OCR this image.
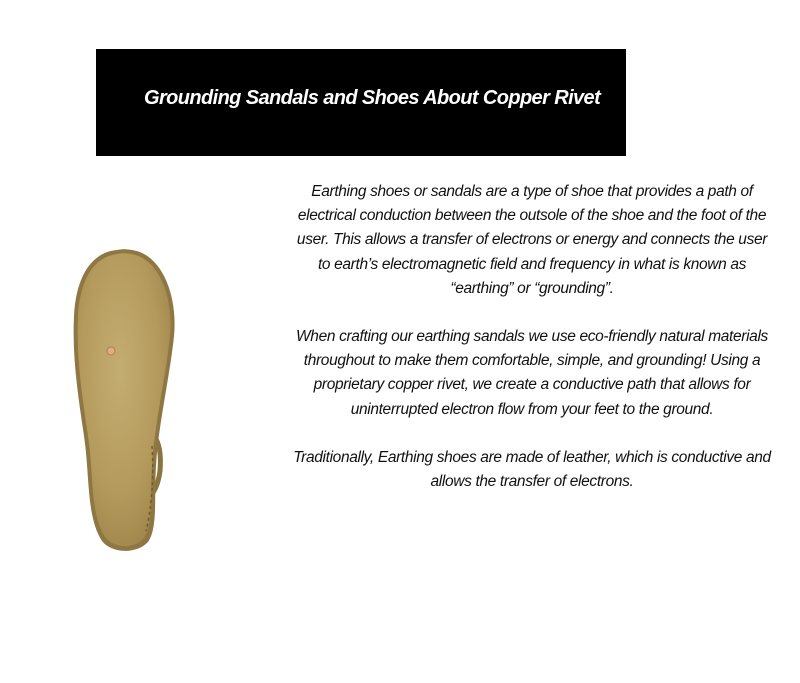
Grounding Sandals and Shoes About Copper Rivet

Earthing shoes or sandals are a type of shoe that provides a path of electrical conduction between the outsole of the shoe and the foot of the user. This allows a transfer of electrons or energy and connects the user to earth’s electromagnetic field and frequency in what is known as “earthing” or “grounding”.

When crafting our earthing sandals we use eco-friendly natural materials throughout to make them comfortable, simple, and grounding! Using a proprietary copper rivet, we create a conductive path that allows for uninterrupted electron flow from your feet to the ground.

Traditionally, Earthing shoes are made of leather, which is conductive and allows the transfer of electrons.
